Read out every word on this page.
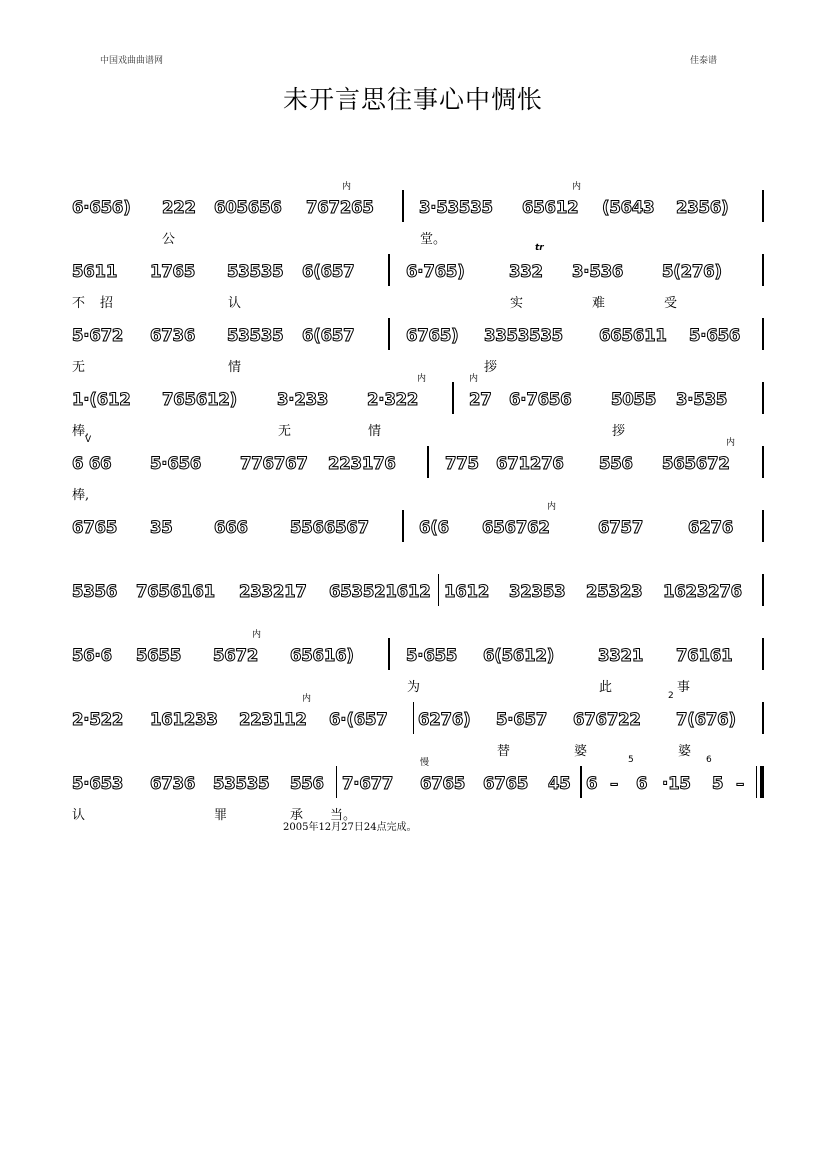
中国戏曲曲谱网	佳泰谱
未开言思往事心中惆怅
6·656) 222 605656 767265
内
3·53535 65612
内
(5643 2356)
公	堂。
5611 1765 53535 6(657	6·765)	332
tr
3·536 5(276)
不 招	认	实	难	受
5·672 6736 53535 6(657	6765) 3353535 665611 5·656
无	情	拶
1·(612 765612) 3·233 2·322
内	内
27 6·7656 5055 3·535
棒,	无	情	拶
6 66
V
5·656 776767 223176	775 671276 556 565672
内
棒,
6765 35	666	5566567	6(6 656762
内
6757	6276
5356 7656161 233217 653521612 1612 32353 25323 1623276
56·6 5655 5672
内
65616)	5·655 6(5612)	3321 76161
为	此	事
2·522 161233 223112
内
6·(657 6276) 5·657 676722
2
7(676)
替	婆	婆
5·653 6736 53535 556 7·677
慢
6765 6765 45 6 –
5
6 ·15
6
5 –
认	罪	承 当。
2005年12月27日24点完成。
